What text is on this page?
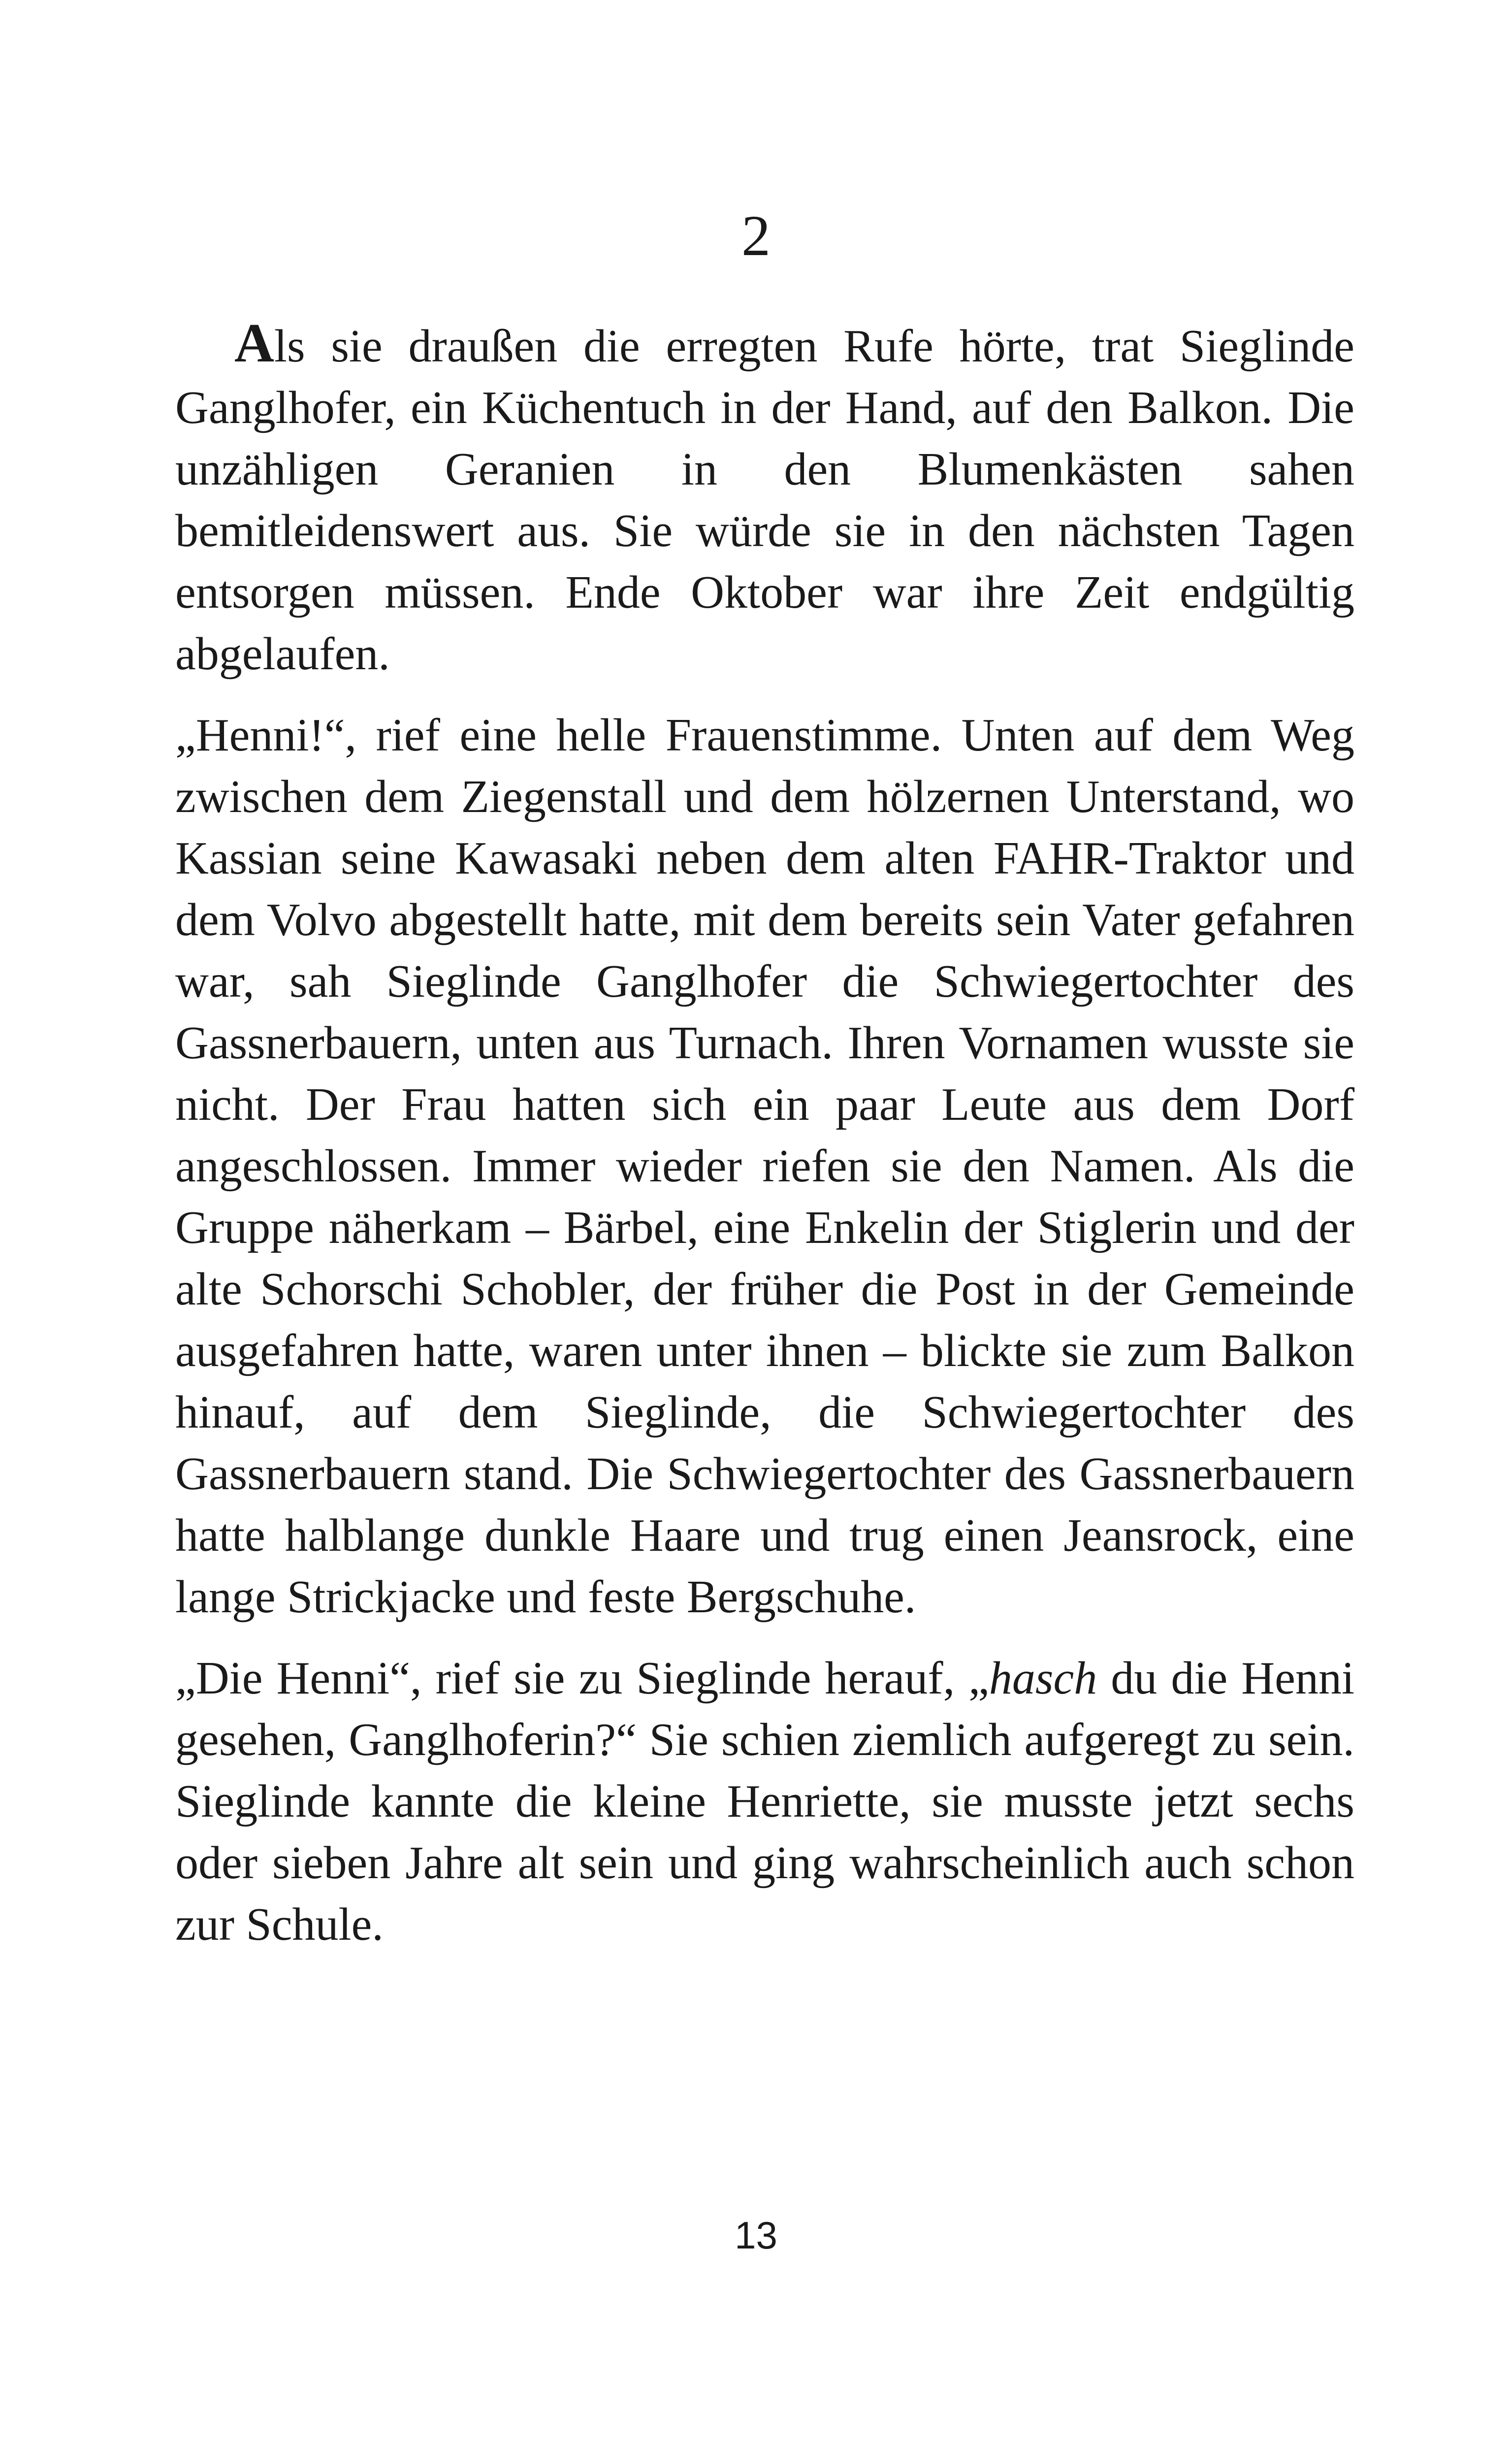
2

Als sie draußen die erregten Rufe hörte, trat Sieglinde Ganglhofer, ein Küchentuch in der Hand, auf den Balkon. Die unzähligen Geranien in den Blumenkästen sahen bemitleidenswert aus. Sie würde sie in den nächsten Tagen entsorgen müssen. Ende Oktober war ihre Zeit endgültig abgelaufen.

„Henni!“, rief eine helle Frauenstimme. Unten auf dem Weg zwischen dem Ziegenstall und dem hölzernen Unterstand, wo Kassian seine Kawasaki neben dem alten FAHR-Traktor und dem Volvo abgestellt hatte, mit dem bereits sein Vater gefahren war, sah Sieglinde Ganglhofer die Schwiegertochter des Gassnerbauern, unten aus Turnach. Ihren Vornamen wusste sie nicht. Der Frau hatten sich ein paar Leute aus dem Dorf angeschlossen. Immer wieder riefen sie den Namen. Als die Gruppe näherkam – Bärbel, eine Enkelin der Stiglerin und der alte Schorschi Schobler, der früher die Post in der Gemeinde ausgefahren hatte, waren unter ihnen – blickte sie zum Balkon hinauf, auf dem Sieglinde, die Schwiegertochter des Gassnerbauern stand. Die Schwiegertochter des Gassnerbauern hatte halblange dunkle Haare und trug einen Jeansrock, eine lange Strickjacke und feste Bergschuhe.

„Die Henni“, rief sie zu Sieglinde herauf, „hasch du die Henni gesehen, Ganglhoferin?“ Sie schien ziemlich aufgeregt zu sein. Sieglinde kannte die kleine Henriette, sie musste jetzt sechs oder sieben Jahre alt sein und ging wahrscheinlich auch schon zur Schule.

13
